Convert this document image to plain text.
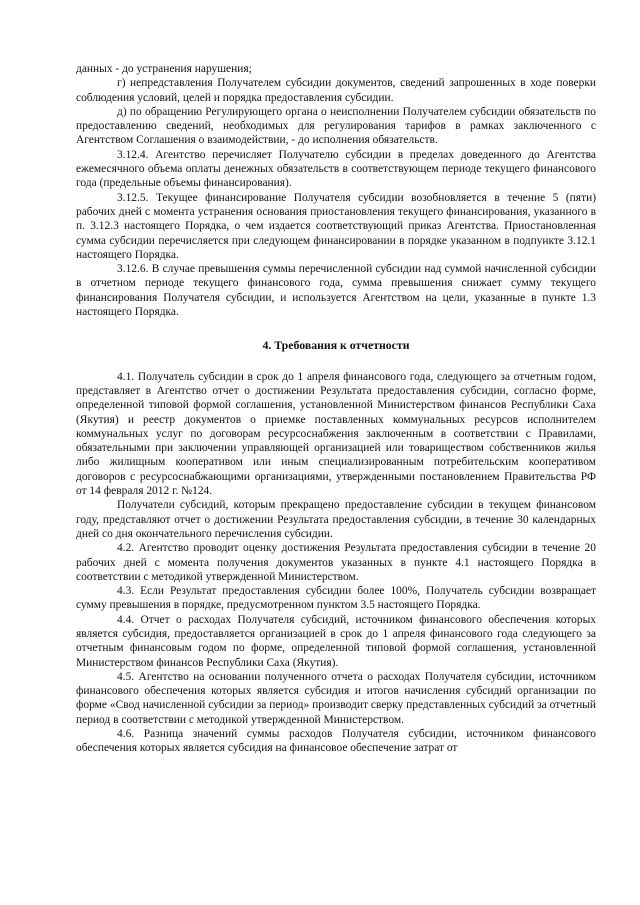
данных - до устранения нарушения;

г) непредставления Получателем субсидии документов, сведений запрошенных в ходе поверки соблюдения условий, целей и порядка предоставления субсидии.

д) по обращению Регулирующего органа о неисполнении Получателем субсидии обязательств по предоставлению сведений, необходимых для регулирования тарифов в рамках заключенного с Агентством Соглашения о взаимодействии, - до исполнения обязательств.

3.12.4. Агентство перечисляет Получателю субсидии в пределах доведенного до Агентства ежемесячного объема оплаты денежных обязательств в соответствующем периоде текущего финансового года (предельные объемы финансирования).

3.12.5. Текущее финансирование Получателя субсидии возобновляется в течение 5 (пяти) рабочих дней с момента устранения основания приостановления текущего финансирования, указанного в п. 3.12.3 настоящего Порядка, о чем издается соответствующий приказ Агентства. Приостановленная сумма субсидии перечисляется при следующем финансировании в порядке указанном в подпункте 3.12.1 настоящего Порядка.

3.12.6. В случае превышения суммы перечисленной субсидии над суммой начисленной субсидии в отчетном периоде текущего финансового года, сумма превышения снижает сумму текущего финансирования Получателя субсидии, и используется Агентством на цели, указанные в пункте 1.3 настоящего Порядка.

4. Требования к отчетности

4.1. Получатель субсидии в срок до 1 апреля финансового года, следующего за отчетным годом, представляет в Агентство отчет о достижении Результата предоставления субсидии, согласно форме, определенной типовой формой соглашения, установленной Министерством финансов Республики Саха (Якутия) и реестр документов о приемке поставленных коммунальных ресурсов исполнителем коммунальных услуг по договорам ресурсоснабжения заключенным в соответствии с Правилами, обязательными при заключении управляющей организацией или товариществом собственников жилья либо жилищным кооперативом или иным специализированным потребительским кооперативом договоров с ресурсоснабжающими организациями, утвержденными постановлением Правительства РФ от 14 февраля 2012 г. №124.

Получатели субсидий, которым прекращено предоставление субсидии в текущем финансовом году, представляют отчет о достижении Результата предоставления субсидии, в течение 30 календарных дней со дня окончательного перечисления субсидии.

4.2. Агентство проводит оценку достижения Результата предоставления субсидии в течение 20 рабочих дней с момента получения документов указанных в пункте 4.1 настоящего Порядка в соответствии с методикой утвержденной Министерством.

4.3. Если Результат предоставления субсидии более 100%, Получатель субсидии возвращает сумму превышения в порядке, предусмотренном пунктом 3.5 настоящего Порядка.

4.4. Отчет о расходах Получателя субсидий, источником финансового обеспечения которых является субсидия, предоставляется организацией в срок до 1 апреля финансового года следующего за отчетным финансовым годом по форме, определенной типовой формой соглашения, установленной Министерством финансов Республики Саха (Якутия).

4.5. Агентство на основании полученного отчета о расходах Получателя субсидии, источником финансового обеспечения которых является субсидия и итогов начисления субсидий организации по форме «Свод начисленной субсидии за период» производит сверку представленных субсидий за отчетный период в соответствии с методикой утвержденной Министерством.

4.6. Разница значений суммы расходов Получателя субсидии, источником финансового обеспечения которых является субсидия на финансовое обеспечение затрат от
